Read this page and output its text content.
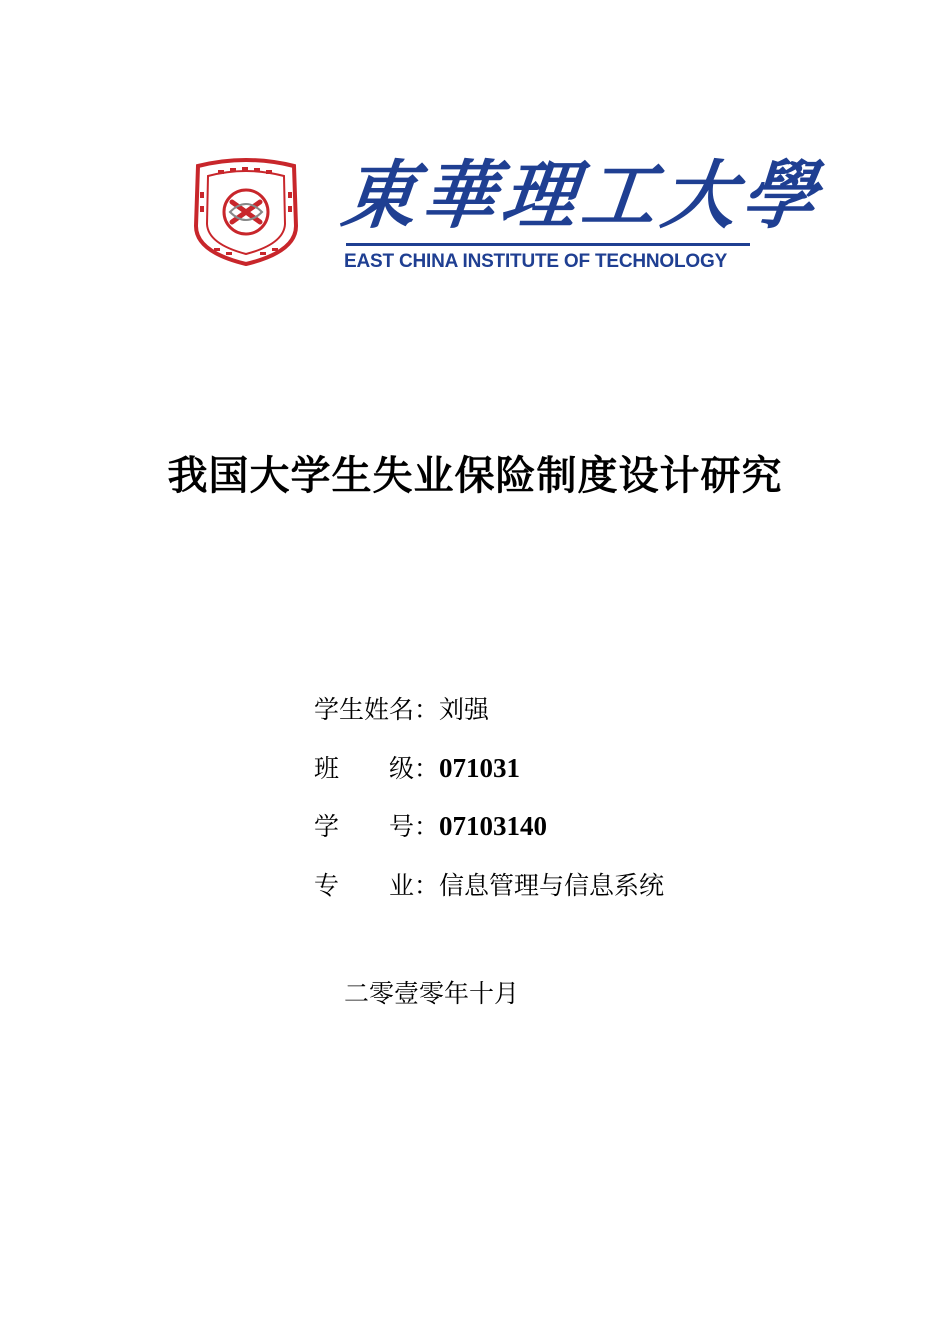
東華理工大學
EAST CHINA INSTITUTE OF TECHNOLOGY
我国大学生失业保险制度设计研究
学生姓名：刘强
班　　级：071031
学　　号：07103140
专　　业：信息管理与信息系统
二零壹零年十月
